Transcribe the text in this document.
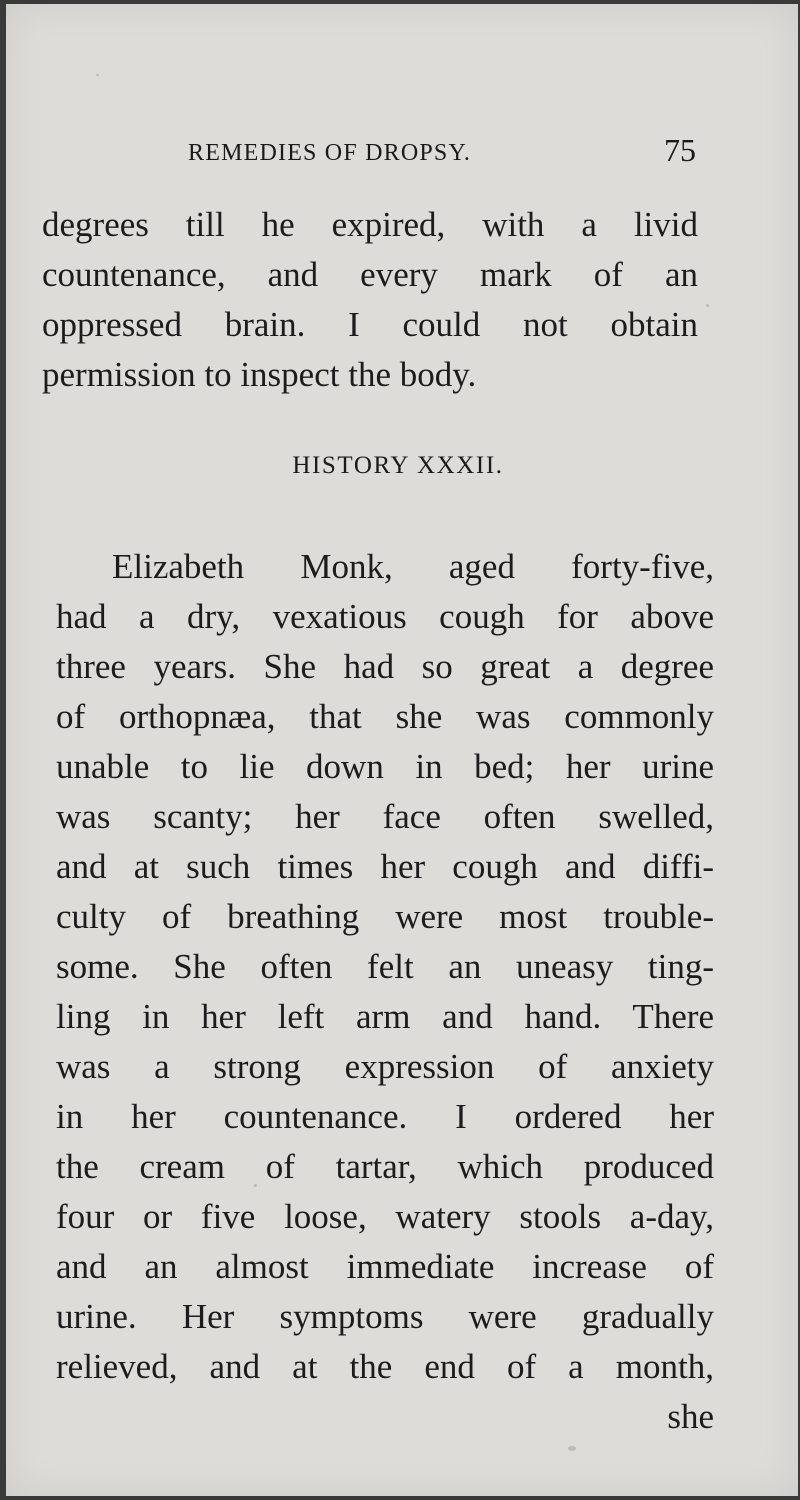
REMEDIES OF DROPSY.	75
degrees till he expired, with a livid
countenance, and every mark of an
oppressed brain. I could not obtain
permission to inspect the body.
HISTORY XXXII.
Elizabeth Monk, aged forty-five,
had a dry, vexatious cough for above
three years. She had so great a degree
of orthopnæa, that she was commonly
unable to lie down in bed; her urine
was scanty; her face often swelled,
and at such times her cough and diffi-
culty of breathing were most trouble-
some. She often felt an uneasy ting-
ling in her left arm and hand. There
was a strong expression of anxiety
in her countenance. I ordered her
the cream of tartar, which produced
four or five loose, watery stools a-day,
and an almost immediate increase of
urine. Her symptoms were gradually
relieved, and at the end of a month,
she
